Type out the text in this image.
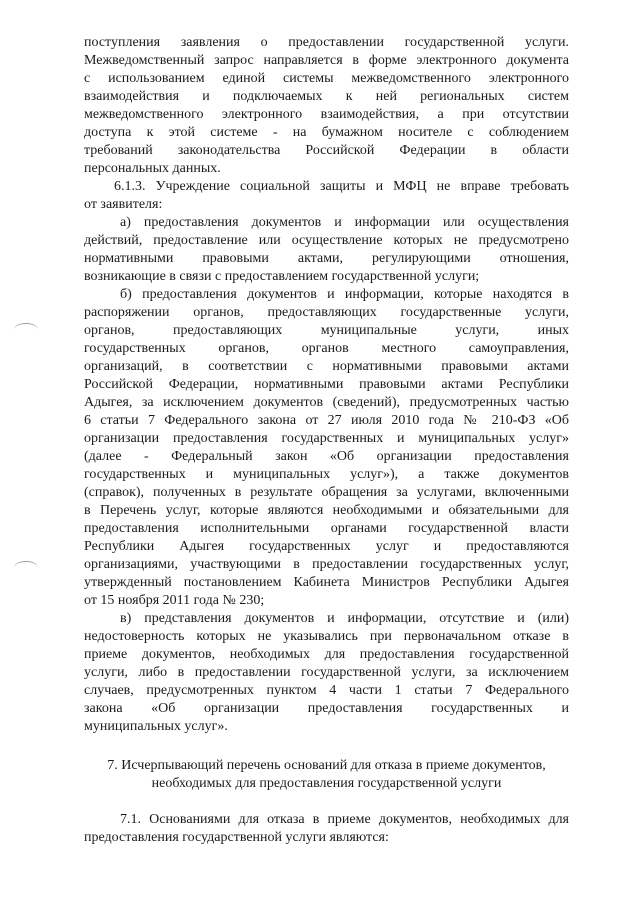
поступления заявления о предоставлении государственной услуги.
Межведомственный запрос направляется в форме электронного документа
с использованием единой системы межведомственного электронного
взаимодействия и подключаемых к ней региональных систем
межведомственного электронного взаимодействия, а при отсутствии
доступа к этой системе - на бумажном носителе с соблюдением
требований законодательства Российской Федерации в области
персональных данных.
6.1.3. Учреждение социальной защиты и МФЦ не вправе требовать
от заявителя:
а) предоставления документов и информации или осуществления
действий, предоставление или осуществление которых не предусмотрено
нормативными правовыми актами, регулирующими отношения,
возникающие в связи с предоставлением государственной услуги;
б) предоставления документов и информации, которые находятся в
распоряжении органов, предоставляющих государственные услуги,
органов, предоставляющих муниципальные услуги, иных
государственных органов, органов местного самоуправления,
организаций, в соответствии с нормативными правовыми актами
Российской Федерации, нормативными правовыми актами Республики
Адыгея, за исключением документов (сведений), предусмотренных частью
6 статьи 7 Федерального закона от 27 июля 2010 года № 210-ФЗ «Об
организации предоставления государственных и муниципальных услуг»
(далее - Федеральный закон «Об организации предоставления
государственных и муниципальных услуг»), а также документов
(справок), полученных в результате обращения за услугами, включенными
в Перечень услуг, которые являются необходимыми и обязательными для
предоставления исполнительными органами государственной власти
Республики Адыгея государственных услуг и предоставляются
организациями, участвующими в предоставлении государственных услуг,
утвержденный постановлением Кабинета Министров Республики Адыгея
от 15 ноября 2011 года № 230;
в) представления документов и информации, отсутствие и (или)
недостоверность которых не указывались при первоначальном отказе в
приеме документов, необходимых для предоставления государственной
услуги, либо в предоставлении государственной услуги, за исключением
случаев, предусмотренных пунктом 4 части 1 статьи 7 Федерального
закона «Об организации предоставления государственных и
муниципальных услуг».
7. Исчерпывающий перечень оснований для отказа в приеме документов,
необходимых для предоставления государственной услуги
7.1. Основаниями для отказа в приеме документов, необходимых для
предоставления государственной услуги являются:
